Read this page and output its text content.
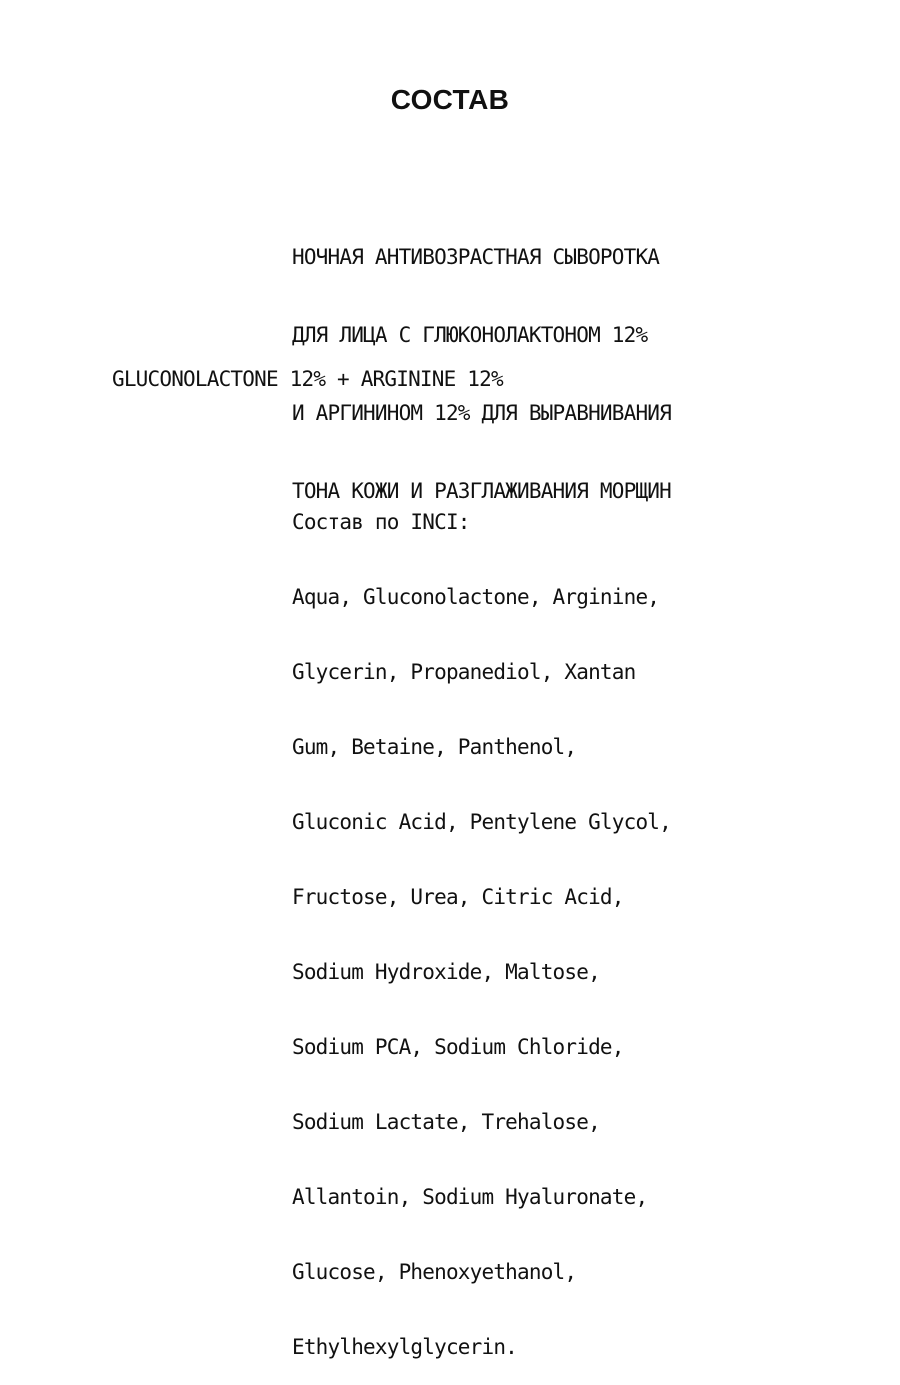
СОСТАВ

НОЧНАЯ АНТИВОЗРАСТНАЯ СЫВОРОТКА

ДЛЯ ЛИЦА С ГЛЮКОНОЛАКТОНОМ 12%

И АРГИНИНОМ 12% ДЛЯ ВЫРАВНИВАНИЯ

ТОНА КОЖИ И РАЗГЛАЖИВАНИЯ МОРЩИН

GLUCONOLACTONE 12% + ARGININE 12%

Состав по INCI:

Aqua, Gluconolactone, Arginine,

Glycerin, Propanediol, Xantan

Gum, Betaine, Panthenol,

Gluconic Acid, Pentylene Glycol,

Fructose, Urea, Citric Acid,

Sodium Hydroxide, Maltose,

Sodium PCA, Sodium Chloride,

Sodium Lactate, Trehalose,

Allantoin, Sodium Hyaluronate,

Glucose, Phenoxyethanol,

Ethylhexylglycerin.
